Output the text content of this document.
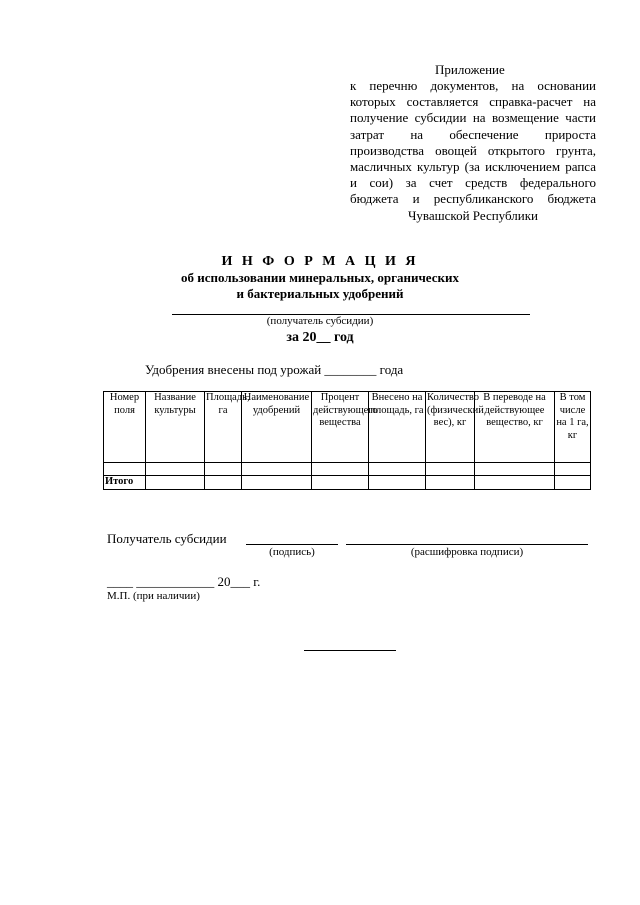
Приложение
к перечню документов, на основании которых составляется справка-расчет на получение субсидии на возмещение части затрат на обеспечение прироста производства овощей открытого грунта, масличных культур (за исключением рапса и сои) за счет средств федерального бюджета и республиканского бюджета Чувашской Республики
И Н Ф О Р М А Ц И Я
об использовании минеральных, органических
и бактериальных удобрений
(получатель субсидии)
за 20__ год
Удобрения внесены под урожай ________ года
Номер поля	Название культуры	Площадь, га	Наименование удобрений	Процент действующего вещества	Внесено на площадь, га	Количество (физический вес), кг	В переводе на действующее вещество, кг	В том числе на 1 га, кг

Итого								
Получатель субсидии
(подпись)	(расшифровка подписи)
____ ____________ 20___ г.
М.П. (при наличии)
